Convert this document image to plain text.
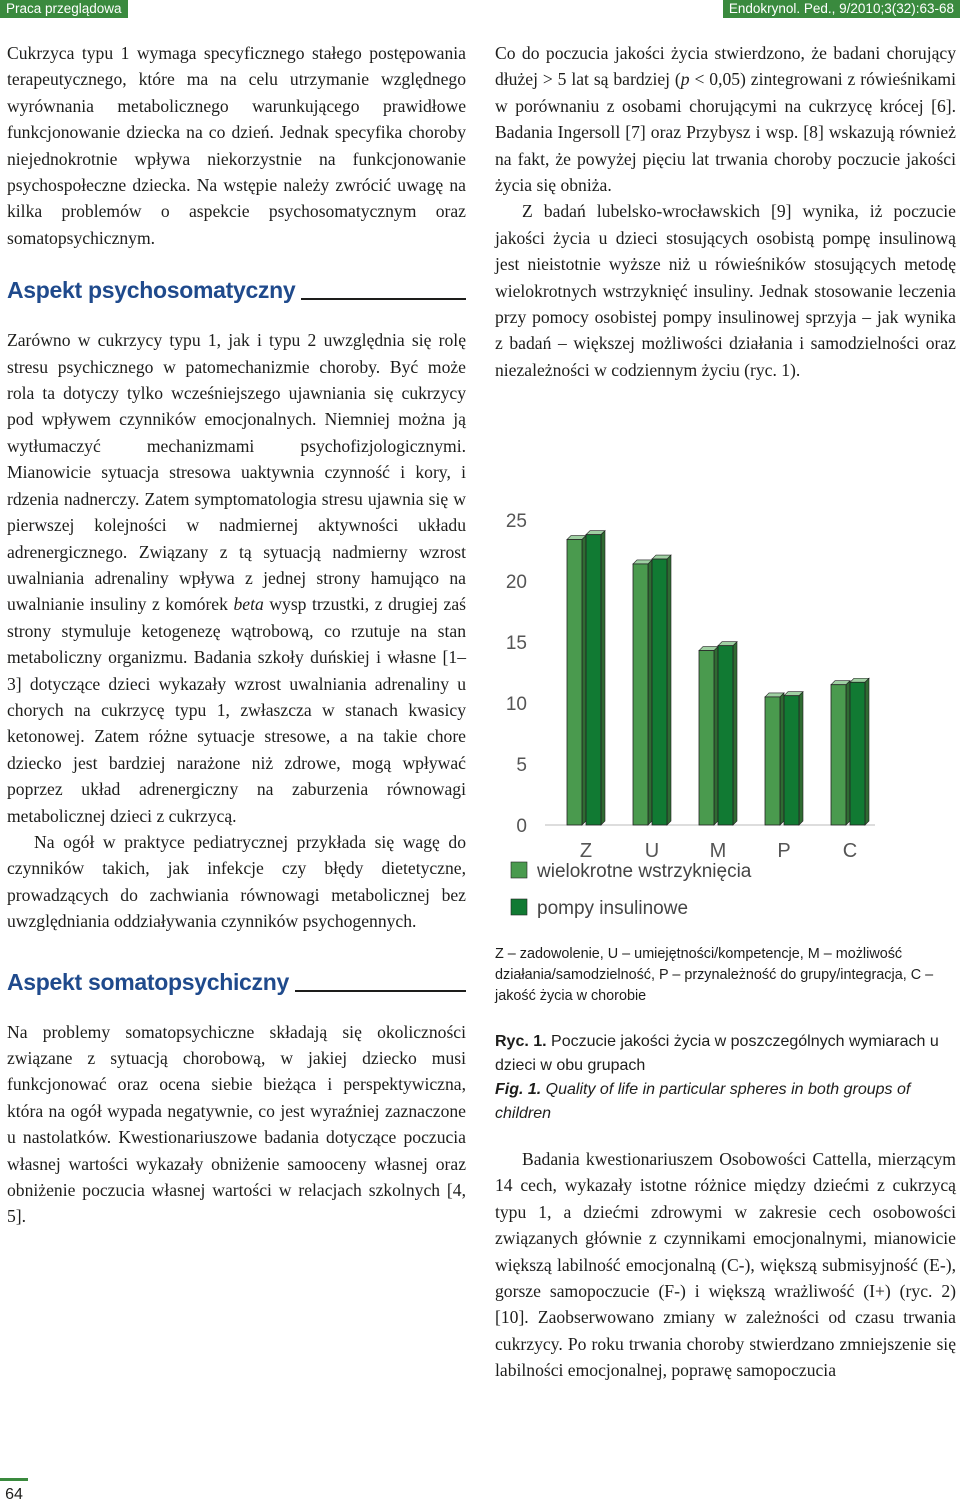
Praca przeglądowa	Endokrynol. Ped., 9/2010;3(32):63-68

Cukrzyca typu 1 wymaga specyficznego stałego postępowania terapeutycznego, które ma na celu utrzymanie względnego wyrównania metabolicznego warunkującego prawidłowe funkcjonowanie dziecka na co dzień. Jednak specyfika choroby niejednokrotnie wpływa niekorzystnie na funkcjonowanie psychospołeczne dziecka. Na wstępie należy zwrócić uwagę na kilka problemów o aspekcie psychosomatycznym oraz somatopsychicznym.

Aspekt psychosomatyczny

Zarówno w cukrzycy typu 1, jak i typu 2 uwzględnia się rolę stresu psychicznego w patomechanizmie choroby. Być może rola ta dotyczy tylko wcześniejszego ujawniania się cukrzycy pod wpływem czynników emocjonalnych. Niemniej można ją wytłumaczyć mechanizmami psychofizjologicznymi. Mianowicie sytuacja stresowa uaktywnia czynność i kory, i rdzenia nadnerczy. Zatem symptomatologia stresu ujawnia się w pierwszej kolejności w nadmiernej aktywności układu adrenergicznego. Związany z tą sytuacją nadmierny wzrost uwalniania adrenaliny wpływa z jednej strony hamująco na uwalnianie insuliny z komórek beta wysp trzustki, z drugiej zaś strony stymuluje ketogenezę wątrobową, co rzutuje na stan metaboliczny organizmu. Badania szkoły duńskiej i własne [1–3] dotyczące dzieci wykazały wzrost uwalniania adrenaliny u chorych na cukrzycę typu 1, zwłaszcza w stanach kwasicy ketonowej. Zatem różne sytuacje stresowe, a na takie chore dziecko jest bardziej narażone niż zdrowe, mogą wpływać poprzez układ adrenergiczny na zaburzenia równowagi metabolicznej dzieci z cukrzycą.

Na ogół w praktyce pediatrycznej przykłada się wagę do czynników takich, jak infekcje czy błędy dietetyczne, prowadzących do zachwiania równowagi metabolicznej bez uwzględniania oddziaływania czynników psychogennych.

Aspekt somatopsychiczny

Na problemy somatopsychiczne składają się okoliczności związane z sytuacją chorobową, w jakiej dziecko musi funkcjonować oraz ocena siebie bieżąca i perspektywiczna, która na ogół wypada negatywnie, co jest wyraźniej zaznaczone u nastolatków. Kwestionariuszowe badania dotyczące poczucia własnej wartości wykazały obniżenie samooceny własnej oraz obniżenie poczucia własnej wartości w relacjach szkolnych [4, 5].

Co do poczucia jakości życia stwierdzono, że badani chorujący dłużej > 5 lat są bardziej (p < 0,05) zintegrowani z rówieśnikami w porównaniu z osobami chorującymi na cukrzycę krócej [6]. Badania Ingersoll [7] oraz Przybysz i wsp. [8] wskazują również na fakt, że powyżej pięciu lat trwania choroby poczucie jakości życia się obniża.

Z badań lubelsko-wrocławskich [9] wynika, iż poczucie jakości życia u dzieci stosujących osobistą pompę insulinową jest nieistotnie wyższe niż u rówieśników stosujących metodę wielokrotnych wstrzyknięć insuliny. Jednak stosowanie leczenia przy pomocy osobistej pompy insulinowej sprzyja – jak wynika z badań – większej możliwości działania i samodzielności oraz niezależności w codziennym życiu (ryc. 1).

0
5
10
15
20
25
Z	U	M	P	C
wielokrotne wstrzyknięcia
pompy insulinowe
Z – zadowolenie, U – umiejętności/kompetencje, M – możliwość działania/samodzielność, P – przynależność do grupy/integracja, C – jakość życia w chorobie
Ryc. 1. Poczucie jakości życia w poszczególnych wymiarach u dzieci w obu grupach
Fig. 1. Quality of life in particular spheres in both groups of children

Badania kwestionariuszem Osobowości Cattella, mierzącym 14 cech, wykazały istotne różnice między dziećmi z cukrzycą typu 1, a dziećmi zdrowymi w zakresie cech osobowości związanych głównie z czynnikami emocjonalnymi, mianowicie większą labilność emocjonalną (C-), większą submisyjność (E-), gorsze samopoczucie (F-) i większą wrażliwość (I+) (ryc. 2) [10]. Zaobserwowano zmiany w zależności od czasu trwania cukrzycy. Po roku trwania choroby stwierdzano zmniejszenie się labilności emocjonalnej, poprawę samopoczucia

64
